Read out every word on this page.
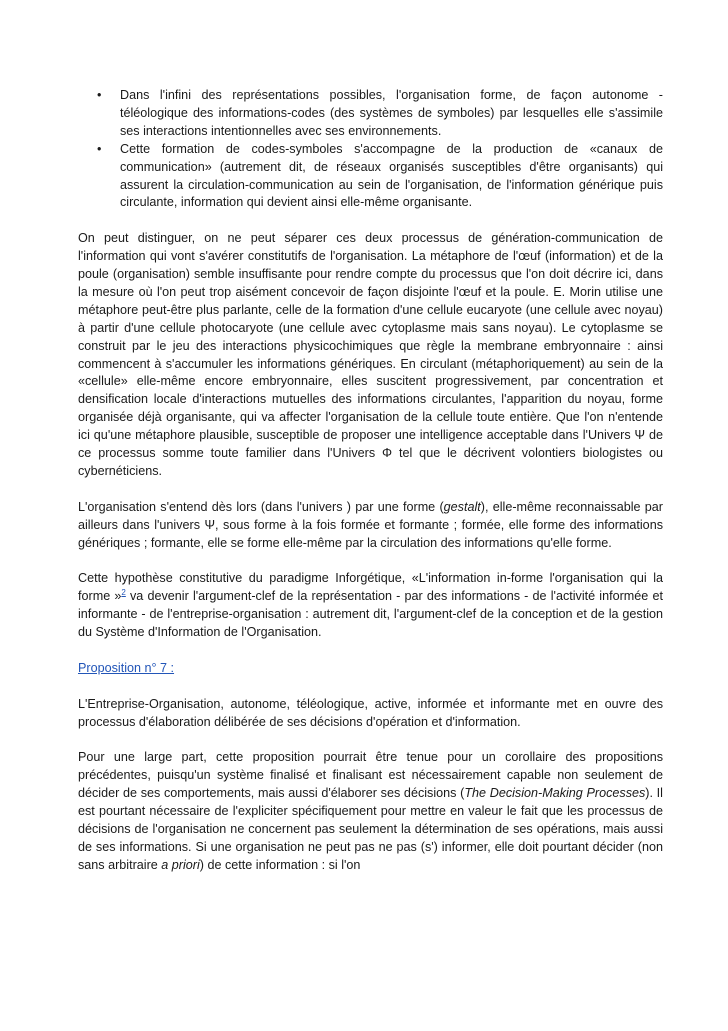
• Dans l'infini des représentations possibles, l'organisation forme, de façon autonome - téléologique des informations-codes (des systèmes de symboles) par lesquelles elle s'assimile ses interactions intentionnelles avec ses environnements.
• Cette formation de codes-symboles s'accompagne de la production de «canaux de communication» (autrement dit, de réseaux organisés susceptibles d'être organisants) qui assurent la circulation-communication au sein de l'organisation, de l'information générique puis circulante, information qui devient ainsi elle-même organisante.

On peut distinguer, on ne peut séparer ces deux processus de génération-communication de l'information qui vont s'avérer constitutifs de l'organisation. La métaphore de l'œuf (information) et de la poule (organisation) semble insuffisante pour rendre compte du processus que l'on doit décrire ici, dans la mesure où l'on peut trop aisément concevoir de façon disjointe l'œuf et la poule. E. Morin utilise une métaphore peut-être plus parlante, celle de la formation d'une cellule eucaryote (une cellule avec noyau) à partir d'une cellule photocaryote (une cellule avec cytoplasme mais sans noyau). Le cytoplasme se construit par le jeu des interactions physicochimiques que règle la membrane embryonnaire : ainsi commencent à s'accumuler les informations génériques. En circulant (métaphoriquement) au sein de la «cellule» elle-même encore embryonnaire, elles suscitent progressivement, par concentration et densification locale d'interactions mutuelles des informations circulantes, l'apparition du noyau, forme organisée déjà organisante, qui va affecter l'organisation de la cellule toute entière. Que l'on n'entende ici qu'une métaphore plausible, susceptible de proposer une intelligence acceptable dans l'Univers Ψ de ce processus somme toute familier dans l'Univers Φ tel que le décrivent volontiers biologistes ou cybernéticiens.

L'organisation s'entend dès lors (dans l'univers ) par une forme (gestalt), elle-même reconnaissable par ailleurs dans l'univers Ψ, sous forme à la fois formée et formante ; formée, elle forme des informations génériques ; formante, elle se forme elle-même par la circulation des informations qu'elle forme.

Cette hypothèse constitutive du paradigme Inforgétique, «L'information in-forme l'organisation qui la forme »$^2$ va devenir l'argument-clef de la représentation - par des informations - de l'activité informée et informante - de l'entreprise-organisation : autrement dit, l'argument-clef de la conception et de la gestion du Système d'Information de l'Organisation.

Proposition n° 7 :

L'Entreprise-Organisation, autonome, téléologique, active, informée et informante met en ouvre des processus d'élaboration délibérée de ses décisions d'opération et d'information.

Pour une large part, cette proposition pourrait être tenue pour un corollaire des propositions précédentes, puisqu'un système finalisé et finalisant est nécessairement capable non seulement de décider de ses comportements, mais aussi d'élaborer ses décisions (The Decision-Making Processes). Il est pourtant nécessaire de l'expliciter spécifiquement pour mettre en valeur le fait que les processus de décisions de l'organisation ne concernent pas seulement la détermination de ses opérations, mais aussi de ses informations. Si une organisation ne peut pas ne pas (s') informer, elle doit pourtant décider (non sans arbitraire a priori) de cette information : si l'on
